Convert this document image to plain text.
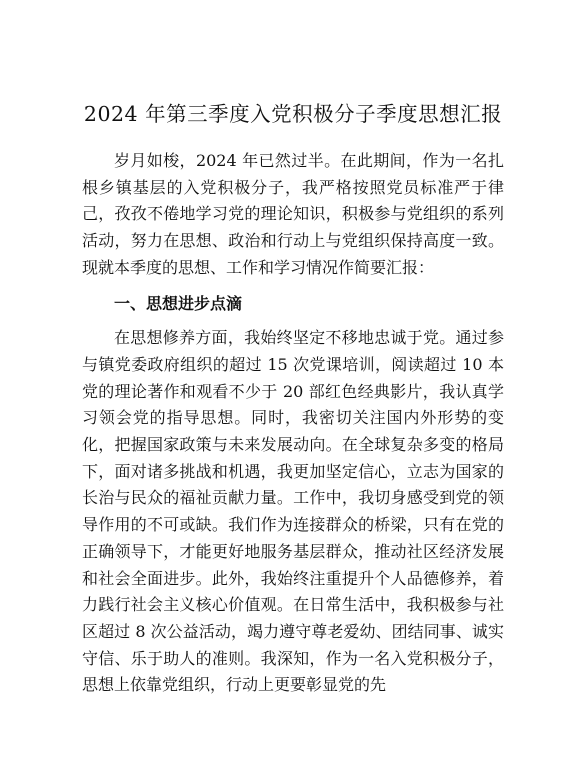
2024 年第三季度入党积极分子季度思想汇报

岁月如梭，2024 年已然过半。在此期间，作为一名扎根乡镇基层的入党积极分子，我严格按照党员标准严于律己，孜孜不倦地学习党的理论知识，积极参与党组织的系列活动，努力在思想、政治和行动上与党组织保持高度一致。现就本季度的思想、工作和学习情况作简要汇报：

一、思想进步点滴

在思想修养方面，我始终坚定不移地忠诚于党。通过参与镇党委政府组织的超过 15 次党课培训，阅读超过 10 本党的理论著作和观看不少于 20 部红色经典影片，我认真学习领会党的指导思想。同时，我密切关注国内外形势的变化，把握国家政策与未来发展动向。在全球复杂多变的格局下，面对诸多挑战和机遇，我更加坚定信心，立志为国家的长治与民众的福祉贡献力量。工作中，我切身感受到党的领导作用的不可或缺。我们作为连接群众的桥梁，只有在党的正确领导下，才能更好地服务基层群众，推动社区经济发展和社会全面进步。此外，我始终注重提升个人品德修养，着力践行社会主义核心价值观。在日常生活中，我积极参与社区超过 8 次公益活动，竭力遵守尊老爱幼、团结同事、诚实守信、乐于助人的准则。我深知，作为一名入党积极分子，思想上依靠党组织，行动上更要彰显党的先
